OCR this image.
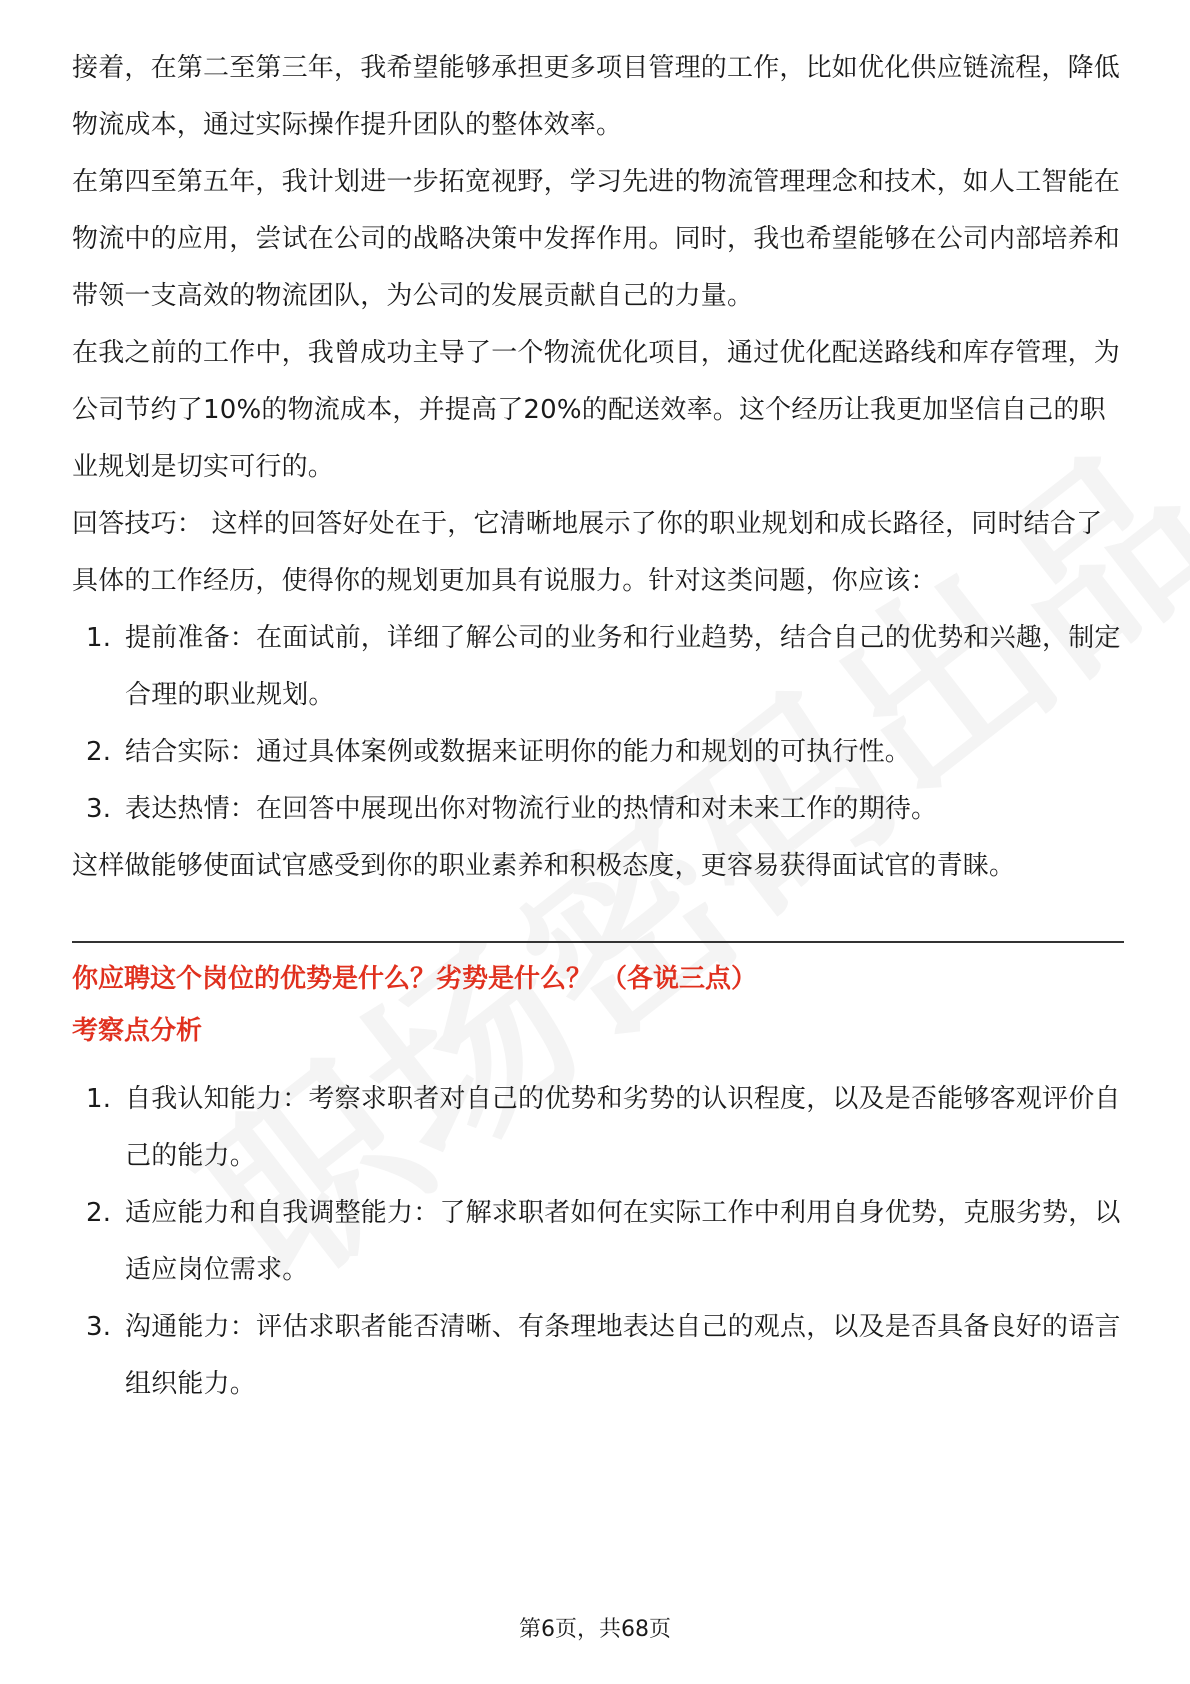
接着，在第二至第三年，我希望能够承担更多项目管理的工作，比如优化供应链流程，降低物流成本，通过实际操作提升团队的整体效率。

在第四至第五年，我计划进一步拓宽视野，学习先进的物流管理理念和技术，如人工智能在物流中的应用，尝试在公司的战略决策中发挥作用。同时，我也希望能够在公司内部培养和带领一支高效的物流团队，为公司的发展贡献自己的力量。

在我之前的工作中，我曾成功主导了一个物流优化项目，通过优化配送路线和库存管理，为公司节约了10%的物流成本，并提高了20%的配送效率。这个经历让我更加坚信自己的职业规划是切实可行的。

回答技巧： 这样的回答好处在于，它清晰地展示了你的职业规划和成长路径，同时结合了具体的工作经历，使得你的规划更加具有说服力。针对这类问题，你应该：

1. 提前准备：在面试前，详细了解公司的业务和行业趋势，结合自己的优势和兴趣，制定合理的职业规划。
2. 结合实际：通过具体案例或数据来证明你的能力和规划的可执行性。
3. 表达热情：在回答中展现出你对物流行业的热情和对未来工作的期待。

这样做能够使面试官感受到你的职业素养和积极态度，更容易获得面试官的青睐。

你应聘这个岗位的优势是什么？劣势是什么？ （各说三点）
考察点分析
1. 自我认知能力：考察求职者对自己的优势和劣势的认识程度，以及是否能够客观评价自己的能力。
2. 适应能力和自我调整能力：了解求职者如何在实际工作中利用自身优势，克服劣势，以适应岗位需求。
3. 沟通能力：评估求职者能否清晰、有条理地表达自己的观点，以及是否具备良好的语言组织能力。
第6页，共68页
